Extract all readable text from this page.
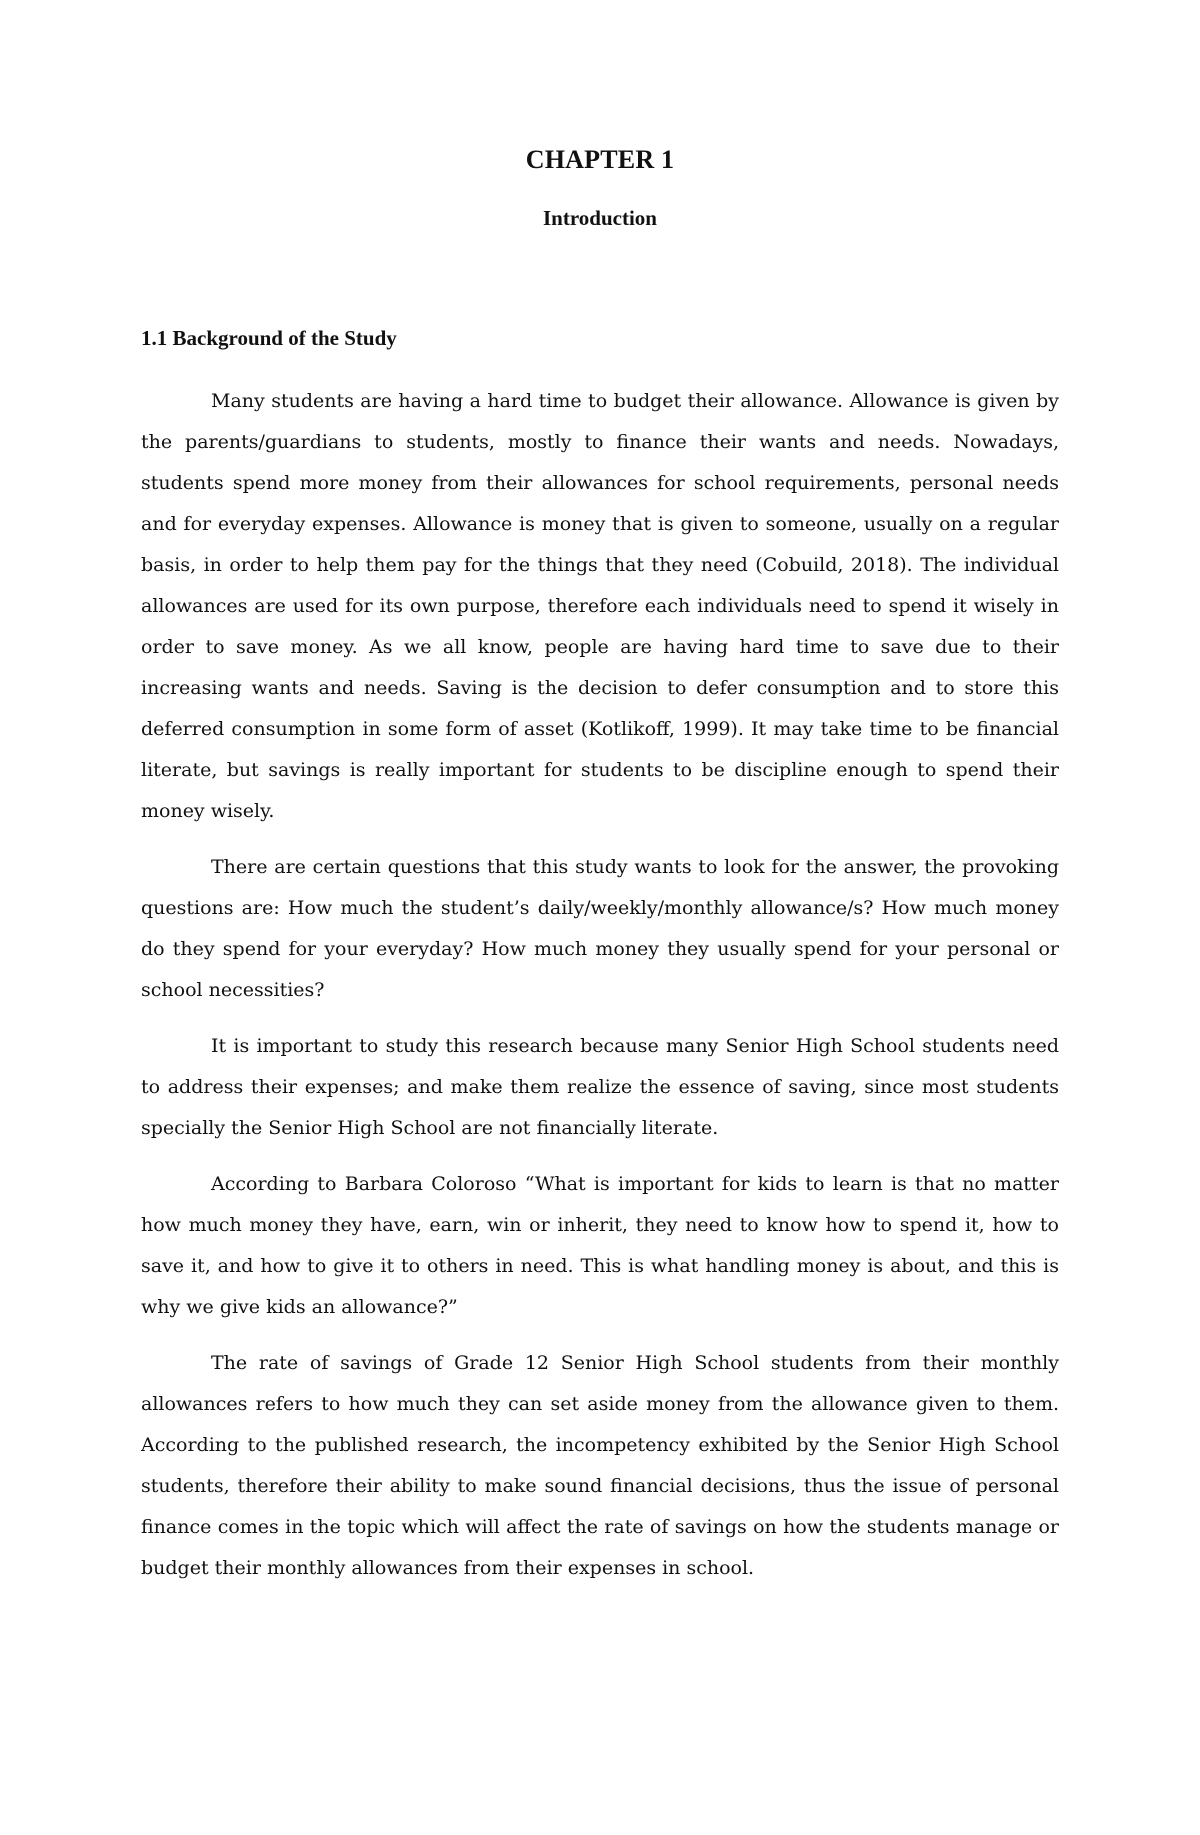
CHAPTER 1
Introduction
1.1 Background of the Study

Many students are having a hard time to budget their allowance. Allowance is given by the parents/guardians to students, mostly to finance their wants and needs. Nowadays, students spend more money from their allowances for school requirements, personal needs and for everyday expenses. Allowance is money that is given to someone, usually on a regular basis, in order to help them pay for the things that they need (Cobuild, 2018). The individual allowances are used for its own purpose, therefore each individuals need to spend it wisely in order to save money. As we all know, people are having hard time to save due to their increasing wants and needs. Saving is the decision to defer consumption and to store this deferred consumption in some form of asset (Kotlikoff, 1999). It may take time to be financial literate, but savings is really important for students to be discipline enough to spend their money wisely.

There are certain questions that this study wants to look for the answer, the provoking questions are: How much the student’s daily/weekly/monthly allowance/s? How much money do they spend for your everyday? How much money they usually spend for your personal or school necessities?

It is important to study this research because many Senior High School students need to address their expenses; and make them realize the essence of saving, since most students specially the Senior High School are not financially literate.

According to Barbara Coloroso “What is important for kids to learn is that no matter how much money they have, earn, win or inherit, they need to know how to spend it, how to save it, and how to give it to others in need. This is what handling money is about, and this is why we give kids an allowance?”

The rate of savings of Grade 12 Senior High School students from their monthly allowances refers to how much they can set aside money from the allowance given to them. According to the published research, the incompetency exhibited by the Senior High School students, therefore their ability to make sound financial decisions, thus the issue of personal finance comes in the topic which will affect the rate of savings on how the students manage or budget their monthly allowances from their expenses in school.
